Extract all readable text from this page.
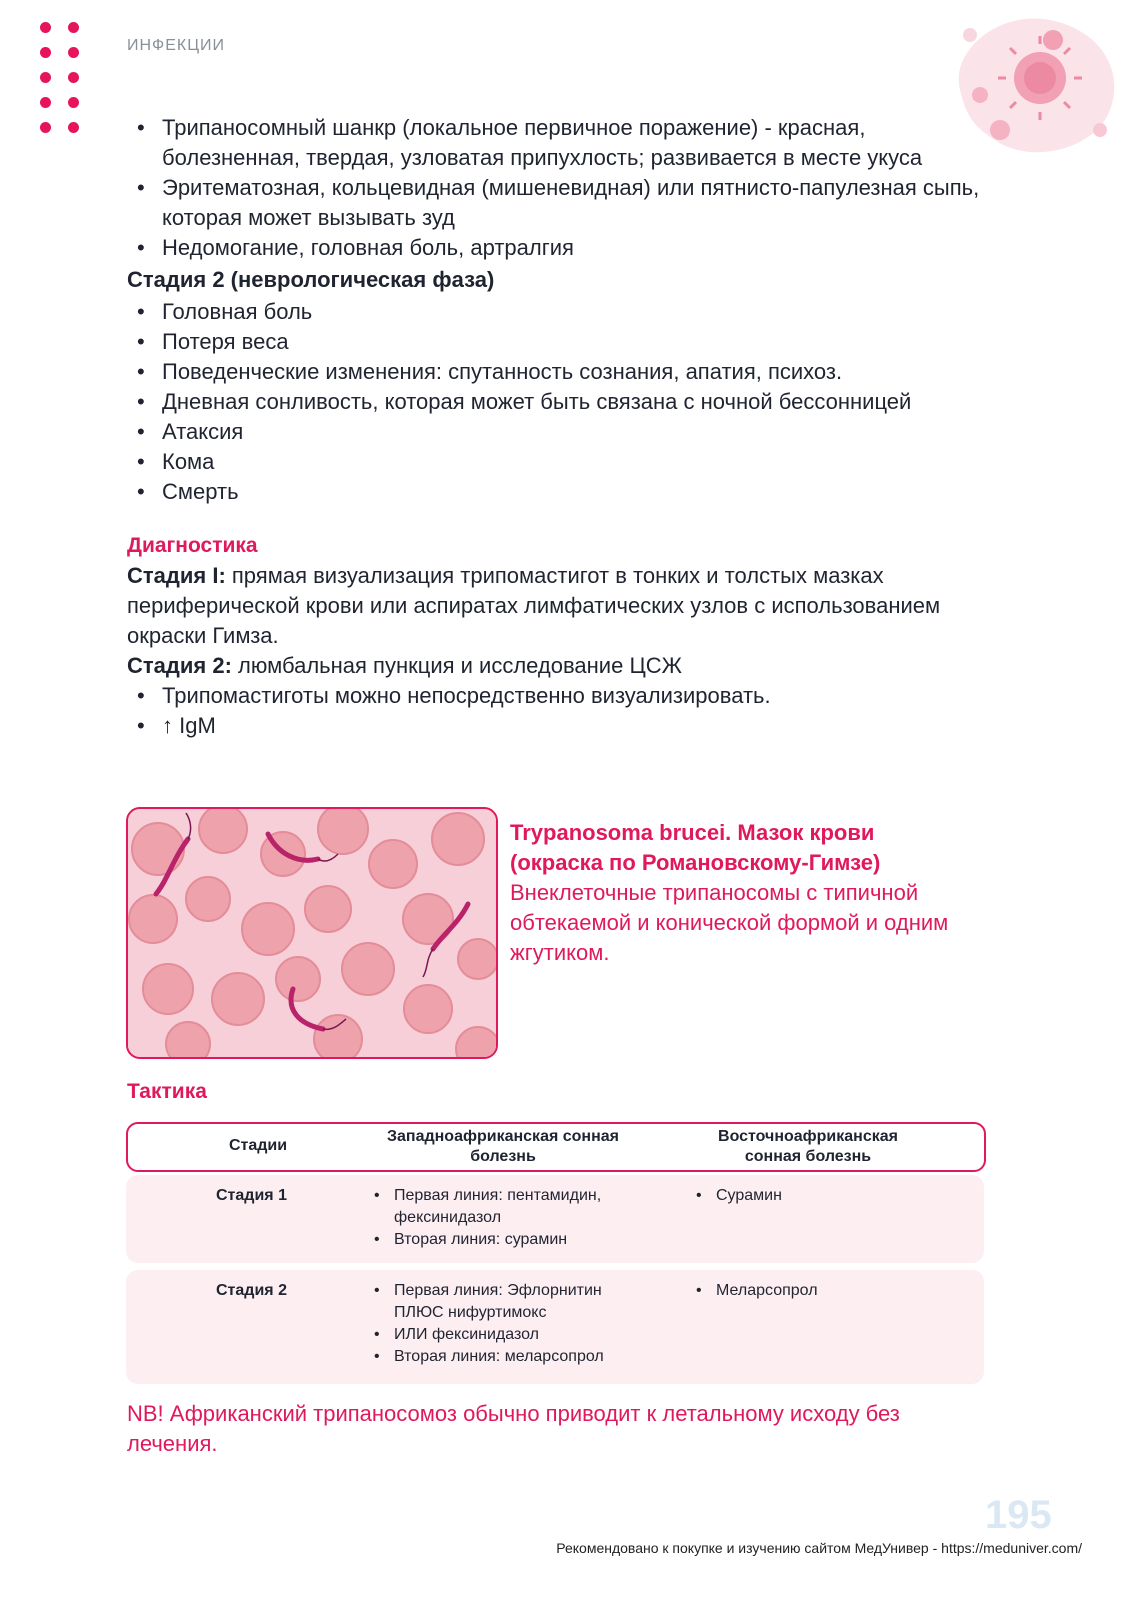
ИНФЕКЦИИ
• Трипаносомный шанкр (локальное первичное поражение) - красная, болезненная, твердая, узловатая припухлость; развивается в месте укуса
• Эритематозная, кольцевидная (мишеневидная) или пятнисто-папулезная сыпь, которая может вызывать зуд
• Недомогание, головная боль, артралгия
Стадия 2 (неврологическая фаза)
• Головная боль
• Потеря веса
• Поведенческие изменения: спутанность сознания, апатия, психоз.
• Дневная сонливость, которая может быть связана с ночной бессонницей
• Атаксия
• Кома
• Смерть
Диагностика

Стадия I: прямая визуализация трипомастигот в тонких и толстых мазках периферической крови или аспиратах лимфатических узлов с использованием окраски Гимза.

Стадия 2: люмбальная пункция и исследование ЦСЖ

• Трипомастиготы можно непосредственно визуализировать.
• ↑ IgM
Trypanosoma brucei. Мазок крови (окраска по Романовскому-Гимзе)
Внеклеточные трипаносомы с типичной обтекаемой и конической формой и одним жгутиком.
Тактика
Стадии
Западноафриканская сонная болезнь
Восточноафриканская сонная болезнь
Стадия 1	• Первая линия: пентамидин, фексинидазол
• Вторая линия: сурамин
• Сурамин
Стадия 2	• Первая линия: Эфлорнитин ПЛЮС нифуртимокс
• ИЛИ фексинидазол
• Вторая линия: меларсопрол
• Меларсопрол
NB! Африканский трипаносомоз обычно приводит к летальному исходу без лечения.
195
Рекомендовано к покупке и изучению сайтом МедУнивер - https://meduniver.com/
